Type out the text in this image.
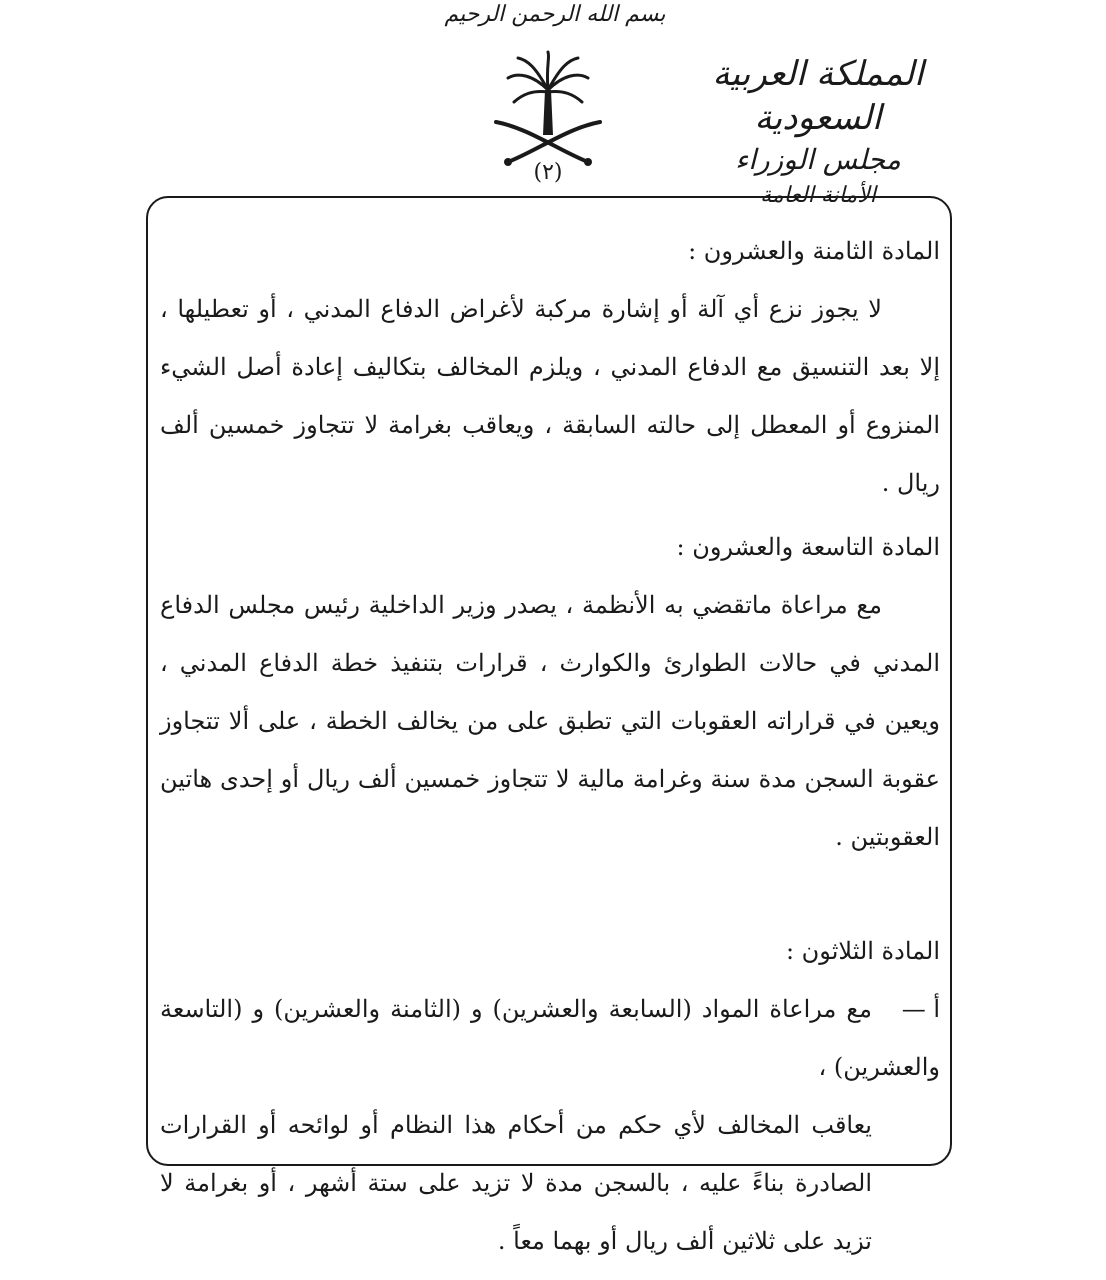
بسم الله الرحمن الرحيم
(٢)
المملكة العربية السعودية
مجلس الوزراء
الأمانة العامة

المادة الثامنة والعشرون :

لا يجوز نزع أي آلة أو إشارة مركبة لأغراض الدفاع المدني ، أو تعطيلها ، إلا بعد التنسيق مع الدفاع المدني ، ويلزم المخالف بتكاليف إعادة أصل الشيء المنزوع أو المعطل إلى حالته السابقة ، ويعاقب بغرامة لا تتجاوز خمسين ألف ريال .

المادة التاسعة والعشرون :

مع مراعاة ماتقضي به الأنظمة ، يصدر وزير الداخلية رئيس مجلس الدفاع المدني في حالات الطوارئ والكوارث ، قرارات بتنفيذ خطة الدفاع المدني ، ويعين في قراراته العقوبات التي تطبق على من يخالف الخطة ، على ألا تتجاوز عقوبة السجن مدة سنة وغرامة مالية لا تتجاوز خمسين ألف ريال أو إحدى هاتين العقوبتين .

المادة الثلاثون :

أ —مع مراعاة المواد (السابعة والعشرين) و (الثامنة والعشرين) و (التاسعة والعشرين) ،

يعاقب المخالف لأي حكم من أحكام هذا النظام أو لوائحه أو القرارات الصادرة بناءً عليه ، بالسجن مدة لا تزيد على ستة أشهر ، أو بغرامة لا تزيد على ثلاثين ألف ريال أو بهما معاً .
